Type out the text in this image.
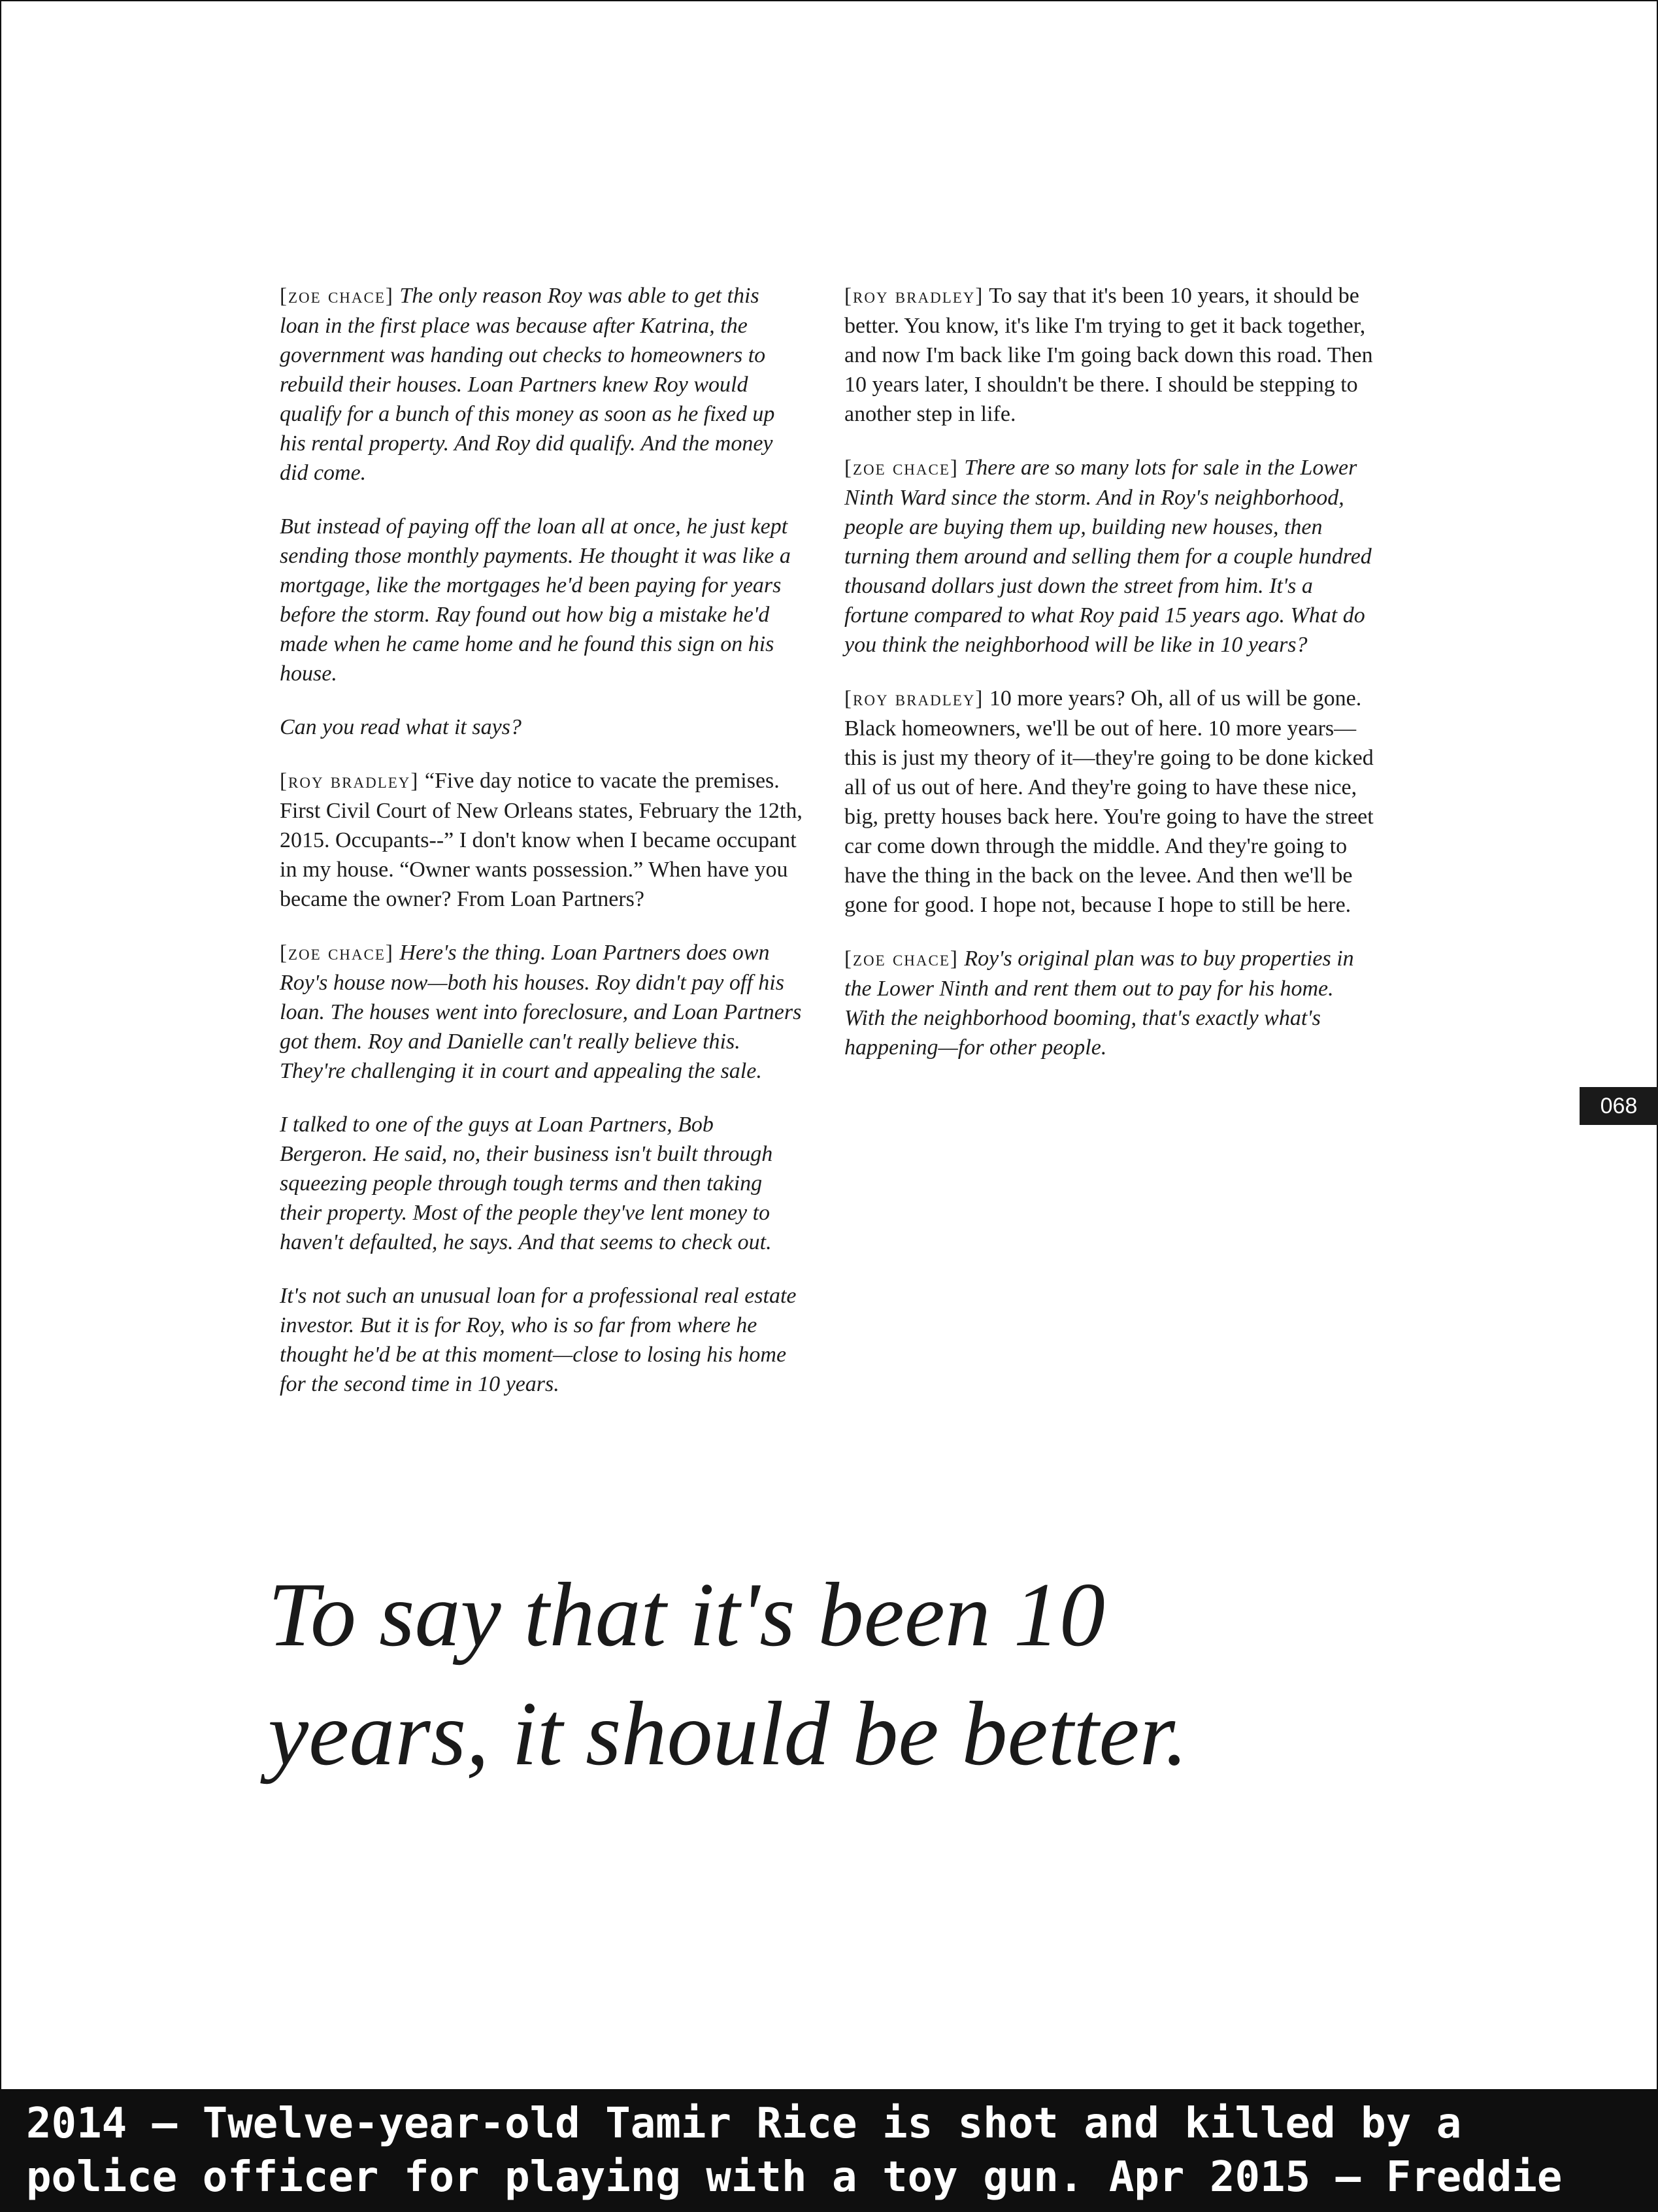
[zoe chace] The only reason Roy was able to get this loan in the first place was because after Katrina, the government was handing out checks to homeowners to rebuild their houses. Loan Partners knew Roy would qualify for a bunch of this money as soon as he fixed up his rental property. And Roy did qualify. And the money did come.

But instead of paying off the loan all at once, he just kept sending those monthly payments. He thought it was like a mortgage, like the mortgages he'd been paying for years before the storm. Ray found out how big a mistake he'd made when he came home and he found this sign on his house.

Can you read what it says?

[roy bradley] “Five day notice to vacate the premises. First Civil Court of New Orleans states, February the 12th, 2015. Occupants--” I don't know when I became occupant in my house. “Owner wants possession.” When have you became the owner? From Loan Partners?

[zoe chace] Here's the thing. Loan Partners does own Roy's house now—both his houses. Roy didn't pay off his loan. The houses went into foreclosure, and Loan Partners got them. Roy and Danielle can't really believe this. They're challenging it in court and appealing the sale.

I talked to one of the guys at Loan Partners, Bob Bergeron. He said, no, their business isn't built through squeezing people through tough terms and then taking their property. Most of the people they've lent money to haven't defaulted, he says. And that seems to check out.

It's not such an unusual loan for a professional real estate investor. But it is for Roy, who is so far from where he thought he'd be at this moment—close to losing his home for the second time in 10 years.

[roy bradley] To say that it's been 10 years, it should be better. You know, it's like I'm trying to get it back together, and now I'm back like I'm going back down this road. Then 10 years later, I shouldn't be there. I should be stepping to another step in life.

[zoe chace] There are so many lots for sale in the Lower Ninth Ward since the storm. And in Roy's neighborhood, people are buying them up, building new houses, then turning them around and selling them for a couple hundred thousand dollars just down the street from him. It's a fortune compared to what Roy paid 15 years ago. What do you think the neighborhood will be like in 10 years?

[roy bradley] 10 more years? Oh, all of us will be gone. Black homeowners, we'll be out of here. 10 more years—this is just my theory of it—they're going to be done kicked all of us out of here. And they're going to have these nice, big, pretty houses back here. You're going to have the street car come down through the middle. And they're going to have the thing in the back on the levee. And then we'll be gone for good. I hope not, because I hope to still be here.

[zoe chace] Roy's original plan was to buy properties in the Lower Ninth and rent them out to pay for his home. With the neighborhood booming, that's exactly what's happening—for other people.

068
To say that it's been 10
years, it should be better.
2014 — Twelve-year-old Tamir Rice is shot and killed by a
police officer for playing with a toy gun. Apr 2015 — Freddie
